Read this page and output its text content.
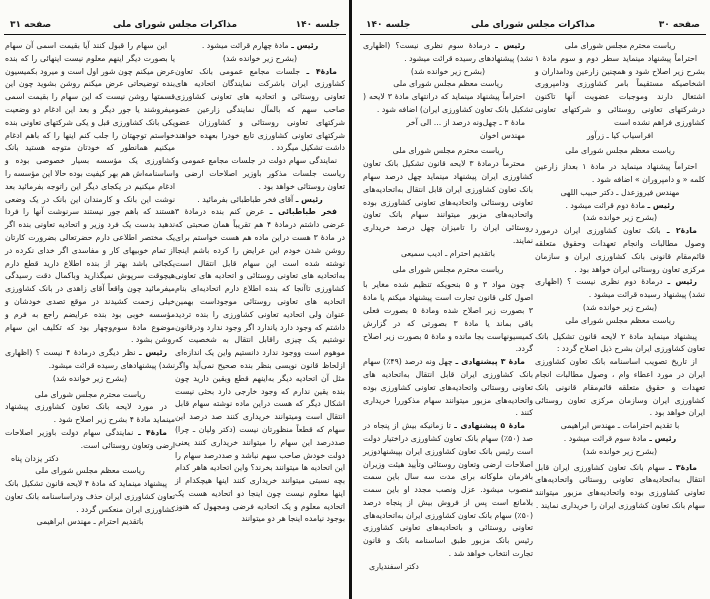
جلسه ۱۴۰
مذاکرات مجلس شورای ملی
صفحه ۳۱

این سهام را قبول کنند آیا بقیمت اسمی آن سهام یا بصورت دیگر اینهم معلوم نیست اینهائی را که بنده عرض میکنم چون شور اول است و میرود بکمیسیون بنده توضیحاتی عرض میکنم روشن بشوید چون این قسمتها روشن نیست که این سهام را بقیمت اسمی میفروشند یا جور دیگر و بعد این ادغام دو وضعیت یکی بانک کشاورزی قبل و یکی شرکتهای تعاونی بنده خواستم توجهتان را جلب کنم اینها را که باهم ادغام میکنیم همانطور که خودتان متوجه هستید بانک کشاورزی یک مؤسسه بسیار خصوصی بوده و اساسنامه‌اش هم بهر کیفیت بوده حالا این مؤسسه را ادغام میکنیم در یکجای دیگر این راتوجه بفرمائید بعد نوشت این بانک و کارمندان این بانک در یک وضعی هستند که باهم جور نیستند سرنوشت آنها را فردا ندهید بدست یک فرد وزیر و اتحادیه تعاونی بنده اگر یک مختصر اطلاعی دارم حضرتعالی بضرورت کارتان از تمام خوبیهای کار و مفاسدی اگر خدای نکرده در یکجائی باشد بهتر از بنده اطلاع دارید قطع دارم هیچوقت سرپوش نمیگذارید وباکمال دقت رسیدگی میفرمائید چون واقعاً آقای زاهدی در بانک کشاورزی خیلی زحمت کشیدند در موقع تصدی خودشان و مؤسسه خوبی بود بنده عرایضم راجع به فرم و موضوع مادهٔ سوم‌وچهار بود که تکلیف این سهام روشن بشود .

رئیس ـ نظر دیگری درمادهٔ ۴ نیست ؟ (اظهاری نشد) پیشنهادهای رسیده قرائت میشود.

(بشرح زیر خوانده شد)

ریاست محترم مجلس شورای ملی

در مورد لایحه بانک تعاون کشاورزی پیشنهاد مینماید مادهٔ ۴ بشرح زیر اصلاح شود .

مادهٔ۴ ـ نمایندگی سهام دولت باوزیر اصلاحات ارضی وتعاون روستائی است.

دکتر یزدان پناه

ریاست معظم مجلس شورای ملی

پیشنهاد مینماید که مادهٔ ۴ لایحه قانون تشکیل بانک تعاون کشاورزی ایران حذف ودراساسنامه بانک تعاون کشاورزی ایران منعکس گردد .

باتقدیم احترام ـ مهندس ابراهیمی

رئیس ـ مادهٔ چهارم قرائت میشود .

(بشرح زیر خوانده شد)

مادهٔ۴ ـ جلسات مجامع عمومی بانک تعاون کشاورزی ایران باشرکت نمایندگان اتحادیه های تعاونی روستائی و اتحادیه های تعاونی کشاورزی صاحب سهم که بالمآل نمایندگی زارعین عضو شرکتهای تعاونی روستائی و کشاورزان عضو شرکتهای تعاونی کشاورزی تابع خودرا بعهده خواهند داشت تشکیل میگردد .

نمایندگی سهام دولت در جلسات مجامع عمومی و ریاست جلسات مذکور باوزیر اصلاحات ارضی و تعاون روستائی خواهد بود .

رئیس ـ آقای فخر طباطبائی بفرمائید .

فخر طباطبائی ـ عرض کنم بنده درمادهٔ ۳ عرضی داشتم درمادهٔ ۴ هم تقریباً همان صحبتی که در مادهٔ ۳ هست دراین ماده هم هست خواستم برای روشن شدن خودم این عرایض را کرده باشم اینجا نوشته شده است این سهام قابل انتقال است به‌اتحادیه های تعاونی روستائی و اتحادیه های تعاونی کشاورزی تاآنجا که بنده اطلاع دارم اتحادیه‌ای بنام اتحادیه های تعاونی روستائی موجوداست بهمین عنوان ولی اتحادیه تعاونی کشاورزی را بنده تردید داشتم که وجود دارد یاندارد اگر وجود ندارد ودرقانون نوشتیم یک چیزی راقابل انتقال به شخصیت که موهوم است ووجود ندارد دانستیم واین یک اندازه‌ای ازلحاظ قانون نویسی بنظر بنده صحیح نمی‌آید واگر مثل آن اتحادیه دیگر به‌اینهم قطع ویقین دارید چون بنده یقین ندارم که وجود خارجی دارد بحثی نیست اشکال دیگر که هست دراین ماده نوشته سهام قابل انتقال است ومیتوانند خریداری کنند صد درصد این سهام که قطعاً منظورتان نیست (دکتر ولیان ـ چرا) صددرصد این سهام را میتوانند خریداری کنند یعنی دولت خودش صاحب سهم نباشد و صددرصد سهام را این اتحادیه ها میتوانند بخرند؟ واین اتحادیه هاهر کدام بچه نسبتی میتوانند خریداری کنند اینها هیچکدام از اینها معلوم نیست چون اینجا دو اتحادیه هست یک اتحادیه معلوم و یک اتحادیه فرضی ومجهول که هنوز بوجود نیامده اینجا هر دو میتوانند

صفحه ۳۰
مذاکرات مجلس شورای ملی
جلسه ۱۴۰

ریاست محترم مجلس شورای ملی

احتراماً پیشنهاد مینماید سطر دوم و سوم مادهٔ ۱ بشرح زیر اصلاح شود و همچنین زارعین ودامداران و اشخاصیکه مستقیماً بامر کشاورزی ودامپروری اشتغال دارند وموجبات عضویت آنها تاکنون درشرکتهای تعاونی روستائی و شرکتهای تعاونی کشاورزی فراهم نشده است

افراسیاب کیا ـ زرآور

ریاست معظم مجلس شورای ملی

احتراماً پیشنهاد مینماید در مادهٔ ۱ بعداز زارعین کلمه « و دامپروران » اضافه شود .

مهندس فیروزعدل ـ دکتر حبیب اللهی

رئیس ـ مادهٔ دوم قرائت میشود .

(بشرح زیر خوانده شد)

مادهٔ۲ ـ بانک تعاون کشاورزی ایران درمورد وصول مطالبات وانجام تعهدات وحقوق متعلقه قائم‌مقام قانونی بانک کشاورزی ایران و سازمان مرکزی تعاون روستائی ایران خواهد بود .

رئیس ـ درمادهٔ دوم نظری نیست ؟ (اظهاری نشد) پیشنهاد رسیده قرائت میشود .

(بشرح زیر خوانده شد)

ریاست معظم مجلس شورای ملی

پیشنهاد مینماید مادهٔ ۲ لایحه قانون تشکیل بانک تعاون کشاورزی ایران بشرح ذیل اصلاح گردد :

از تاریخ تصویب اساسنامه بانک تعاون کشاورزی ایران در مورد اعطاء وام ، وصول مطالبات انجام تعهدات و حقوق متعلقه قائم‌مقام قانونی بانک کشاورزی ایران وسازمان مرکزی تعاون روستائی ایران خواهد بود .

با تقدیم احترامات ـ مهندس ابراهیمی

رئیس ـ مادهٔ سوم قرائت میشود .

(بشرح زیر خوانده شد)

مادهٔ۳ ـ سهام بانک تعاون کشاورزی ایران قابل انتقال به‌اتحادیه‌های تعاونی روستائی واتحادیه‌های تعاونی کشاورزی بوده واتحادیه‌های مزبور میتوانند سهام بانک تعاون کشاورزی ایران را خریداری نمایند .

رئیس ـ درمادهٔ سوم نظری نیست؟ (اظهاری نشد) پیشنهادهای رسیده قرائت میشود .

(بشرح زیر خوانده شد)

ریاست معظم مجلس شورای ملی

احتراماً پیشنهاد مینماید که درانتهای مادهٔ ۳ لایحه ( تشکیل بانک تعاون کشاورزی ایران) اضافه شود .

مادهٔ ۳ ـ چهل‌ونه درصد از ... الی آخر

مهندس اخوان

ریاست محترم مجلس شورای ملی

محترماً درمادهٔ ۳ لایحه قانون تشکیل بانک تعاون کشاورزی ایران پیشنهاد مینماید چهل درصد سهام بانک تعاون کشاورزی ایران قابل انتقال به‌اتحادیه‌های تعاونی روستائی واتحادیه‌های تعاونی کشاورزی بوده واتحادیه‌های مزبور میتوانند سهام بانک تعاون روستائی ایران را تامیزان چهل درصد خریداری نمایند.

باتقدیم احترام ـ ادیب سمیعی

ریاست محترم مجلس شورای ملی

چون مواد ۳ و ۵ بنحویکه تنظیم شده مغایر با اصول کلی قانون تجارت است پیشنهاد میکنم یا مادهٔ ۳ بصورت زیر اصلاح شده ومادهٔ ۵ بصورت فعلی باقی بماند یا مادهٔ ۳ بصورتی که در گزارش کمیسیونهاست بجا مانده و مادهٔ ۵ بصورت زیر اصلاح گردد.

مادهٔ ۳ پیشنهادی ـ چهل ونه درصد (۴۹٪) سهام بانک کشاورزی ایران قابل انتقال به‌اتحادیه های تعاونی روستائی واتحادیه‌های تعاونی کشاورزی بوده واتحادیه‌های مزبور میتوانند سهام مذکوررا خریداری کنند .

مادهٔ ۵ پیشنهادی ـ تا زمانیکه بیش از پنجاه در صد (۵۰٪) سهام بانک تعاون کشاورزی دراختیار دولت است رئیس بانک تعاون کشاورزی ایران بپیشنهادوزیر اصلاحات ارضی وتعاون روستائی وتأیید هیئت وزیران بافرمان ملوکانه برای مدت سه سال باین سمت منصوب میشود. عزل ونصب مجدد او باین سمت بلامانع است پس از فروش بیش از پنجاه درصد (۵۰٪) سهام بانک تعاون کشاورزی ایران به‌اتحادیه‌های تعاونی روستائی و باتحادیه‌های تعاونی کشاورزی رئیس بانک مزبور طبق اساسنامه بانک و قانون تجارت انتخاب خواهد شد .

دکتر اسفندیاری
